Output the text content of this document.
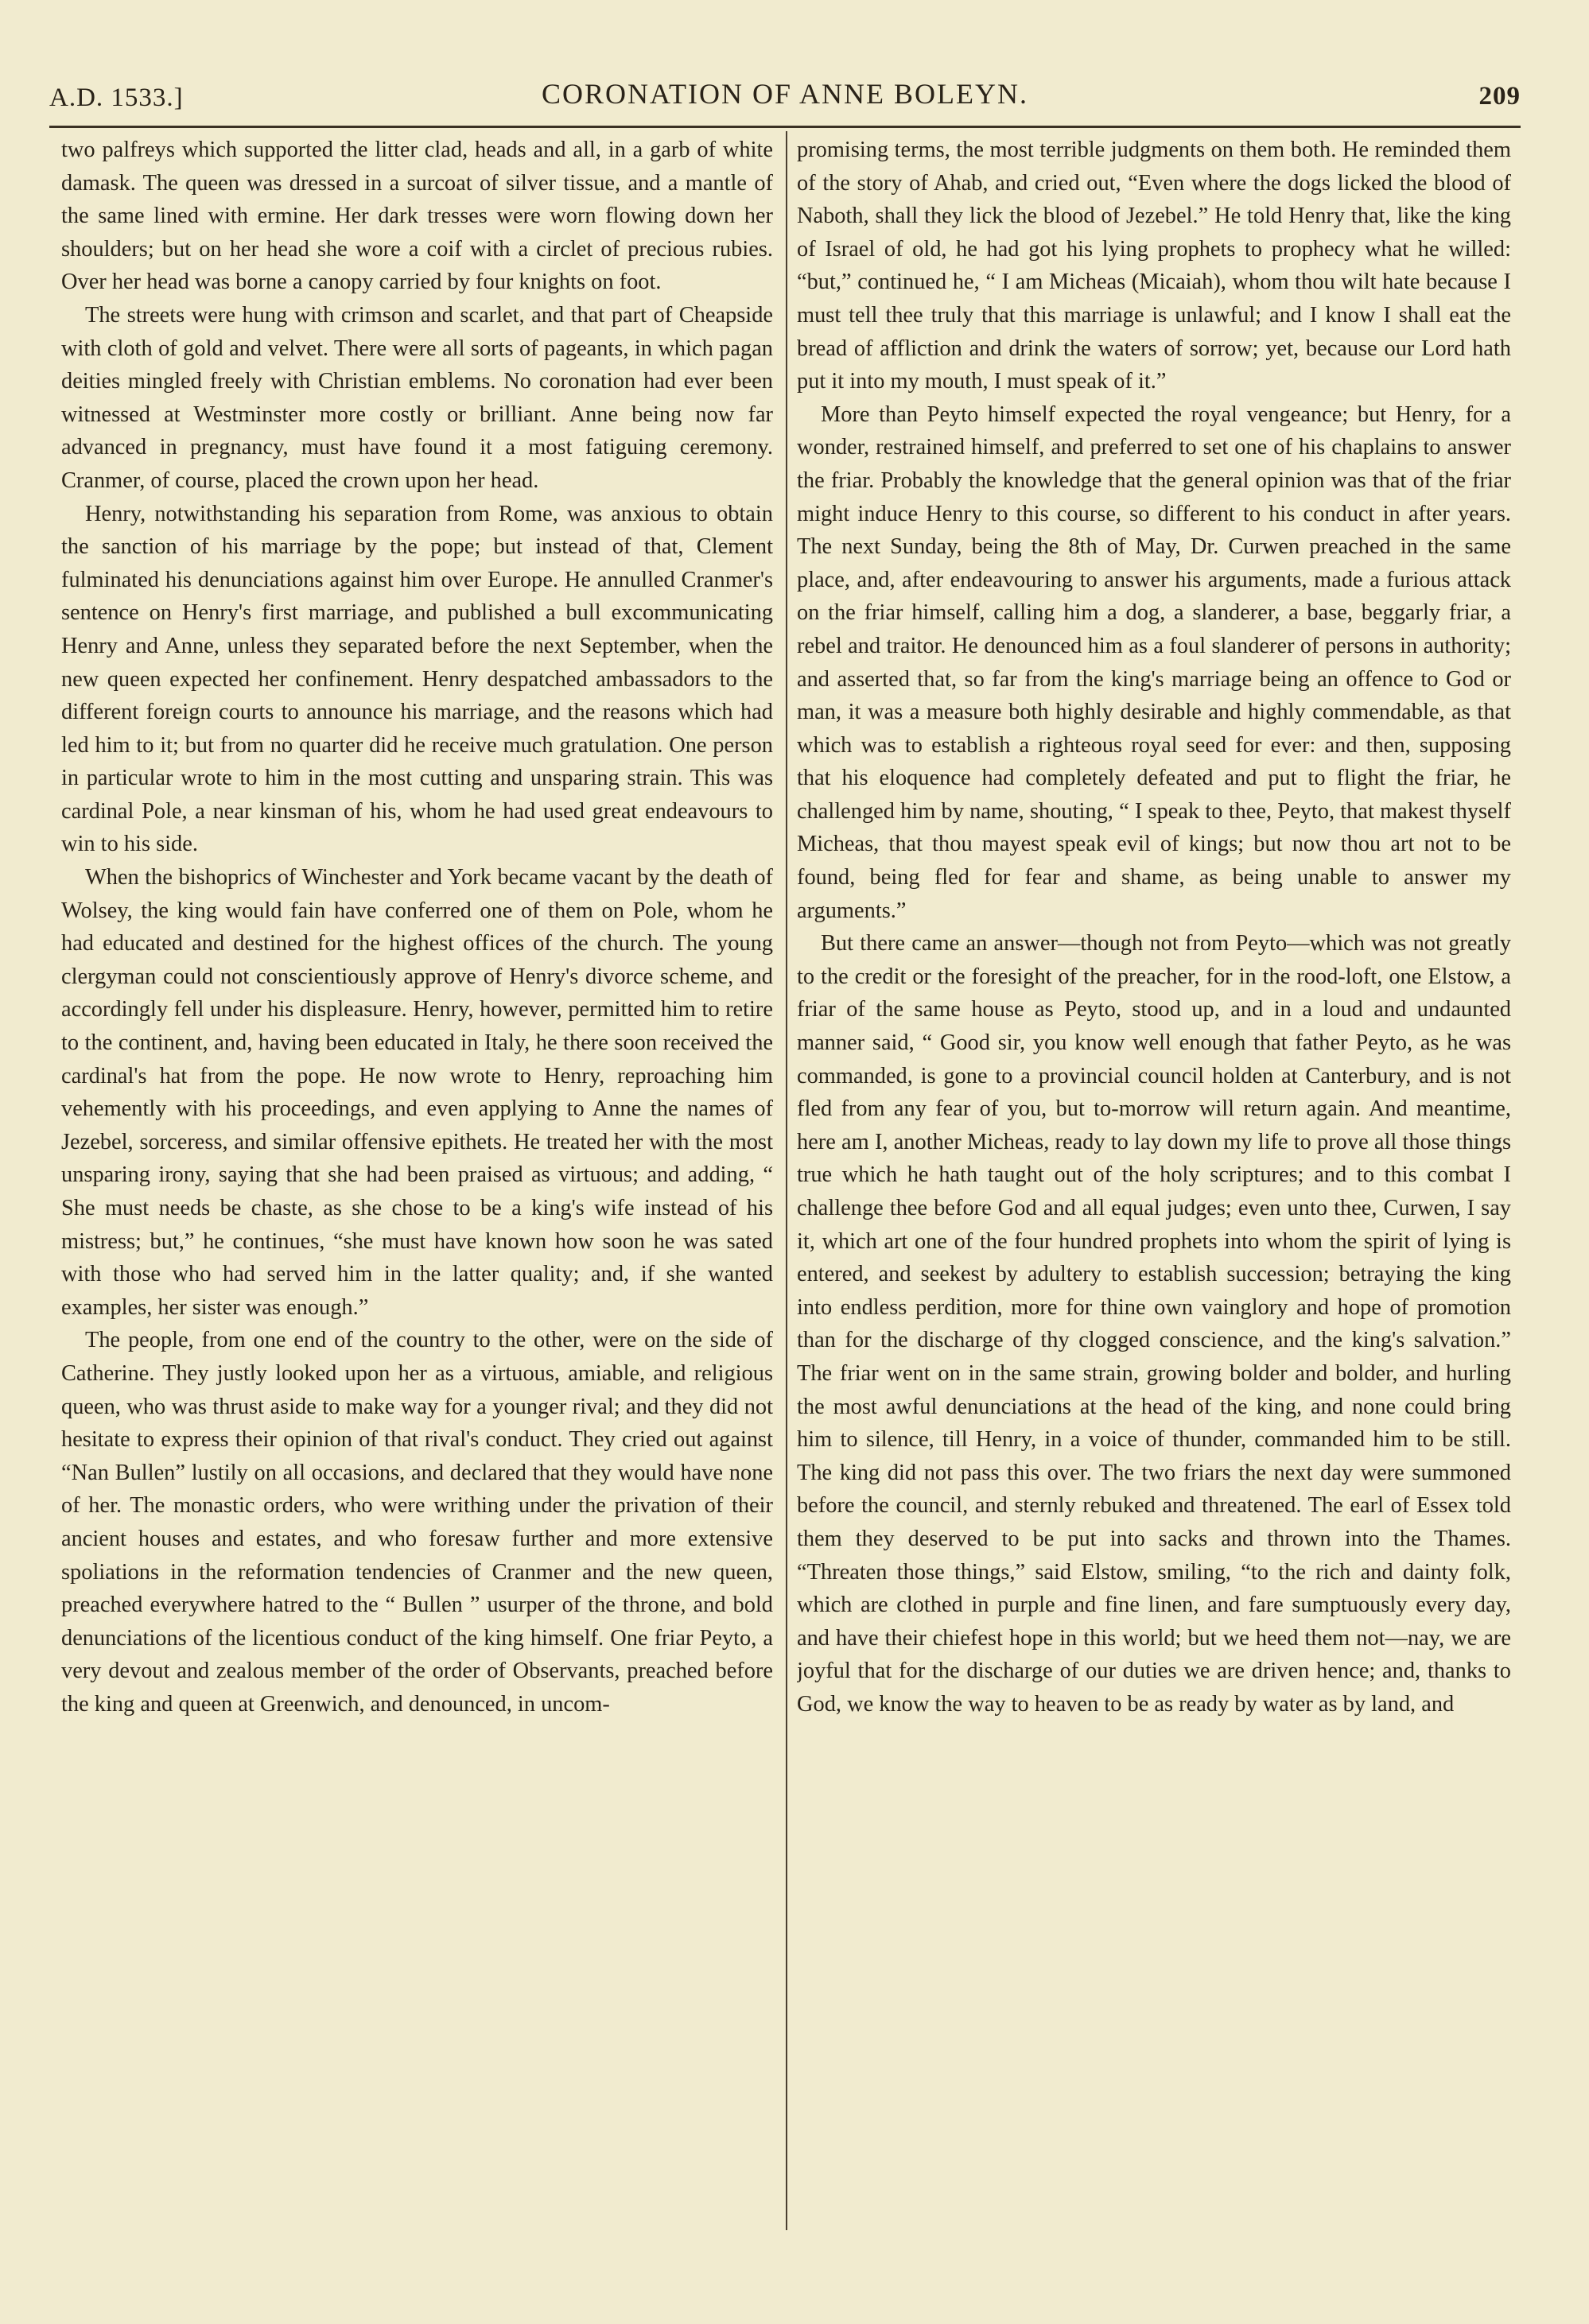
A.D. 1533.]	CORONATION OF ANNE BOLEYN.	209

two palfreys which supported the litter clad, heads and all, in a garb of white damask. The queen was dressed in a surcoat of silver tissue, and a mantle of the same lined with ermine. Her dark tresses were worn flowing down her shoulders; but on her head she wore a coif with a circlet of precious rubies. Over her head was borne a canopy carried by four knights on foot.

The streets were hung with crimson and scarlet, and that part of Cheapside with cloth of gold and velvet. There were all sorts of pageants, in which pagan deities mingled freely with Christian emblems. No coronation had ever been witnessed at Westminster more costly or brilliant. Anne being now far advanced in pregnancy, must have found it a most fatiguing ceremony. Cranmer, of course, placed the crown upon her head.

Henry, notwithstanding his separation from Rome, was anxious to obtain the sanction of his marriage by the pope; but instead of that, Clement fulminated his denunciations against him over Europe. He annulled Cranmer's sentence on Henry's first marriage, and published a bull excommunicating Henry and Anne, unless they separated before the next September, when the new queen expected her confinement. Henry despatched ambassadors to the different foreign courts to announce his marriage, and the reasons which had led him to it; but from no quarter did he receive much gratulation. One person in particular wrote to him in the most cutting and unsparing strain. This was cardinal Pole, a near kinsman of his, whom he had used great endeavours to win to his side.

When the bishoprics of Winchester and York became vacant by the death of Wolsey, the king would fain have conferred one of them on Pole, whom he had educated and destined for the highest offices of the church. The young clergyman could not conscientiously approve of Henry's divorce scheme, and accordingly fell under his displeasure. Henry, however, permitted him to retire to the continent, and, having been educated in Italy, he there soon received the cardinal's hat from the pope. He now wrote to Henry, reproaching him vehemently with his proceedings, and even applying to Anne the names of Jezebel, sorceress, and similar offensive epithets. He treated her with the most unsparing irony, saying that she had been praised as virtuous; and adding, “ She must needs be chaste, as she chose to be a king's wife instead of his mistress; but,” he continues, “she must have known how soon he was sated with those who had served him in the latter quality; and, if she wanted examples, her sister was enough.”

The people, from one end of the country to the other, were on the side of Catherine. They justly looked upon her as a virtuous, amiable, and religious queen, who was thrust aside to make way for a younger rival; and they did not hesitate to express their opinion of that rival's conduct. They cried out against “Nan Bullen” lustily on all occasions, and declared that they would have none of her. The monastic orders, who were writhing under the privation of their ancient houses and estates, and who foresaw further and more extensive spoliations in the reformation tendencies of Cranmer and the new queen, preached everywhere hatred to the “ Bullen ” usurper of the throne, and bold denunciations of the licentious conduct of the king himself. One friar Peyto, a very devout and zealous member of the order of Observants, preached before the king and queen at Greenwich, and denounced, in uncom-

promising terms, the most terrible judgments on them both. He reminded them of the story of Ahab, and cried out, “Even where the dogs licked the blood of Naboth, shall they lick the blood of Jezebel.” He told Henry that, like the king of Israel of old, he had got his lying prophets to prophecy what he willed: “but,” continued he, “ I am Micheas (Micaiah), whom thou wilt hate because I must tell thee truly that this marriage is unlawful; and I know I shall eat the bread of affliction and drink the waters of sorrow; yet, because our Lord hath put it into my mouth, I must speak of it.”

More than Peyto himself expected the royal vengeance; but Henry, for a wonder, restrained himself, and preferred to set one of his chaplains to answer the friar. Probably the knowledge that the general opinion was that of the friar might induce Henry to this course, so different to his conduct in after years. The next Sunday, being the 8th of May, Dr. Curwen preached in the same place, and, after endeavouring to answer his arguments, made a furious attack on the friar himself, calling him a dog, a slanderer, a base, beggarly friar, a rebel and traitor. He denounced him as a foul slanderer of persons in authority; and asserted that, so far from the king's marriage being an offence to God or man, it was a measure both highly desirable and highly commendable, as that which was to establish a righteous royal seed for ever: and then, supposing that his eloquence had completely defeated and put to flight the friar, he challenged him by name, shouting, “ I speak to thee, Peyto, that makest thyself Micheas, that thou mayest speak evil of kings; but now thou art not to be found, being fled for fear and shame, as being unable to answer my arguments.”

But there came an answer—though not from Peyto—which was not greatly to the credit or the foresight of the preacher, for in the rood-loft, one Elstow, a friar of the same house as Peyto, stood up, and in a loud and undaunted manner said, “ Good sir, you know well enough that father Peyto, as he was commanded, is gone to a provincial council holden at Canterbury, and is not fled from any fear of you, but to-morrow will return again. And meantime, here am I, another Micheas, ready to lay down my life to prove all those things true which he hath taught out of the holy scriptures; and to this combat I challenge thee before God and all equal judges; even unto thee, Curwen, I say it, which art one of the four hundred prophets into whom the spirit of lying is entered, and seekest by adultery to establish succession; betraying the king into endless perdition, more for thine own vainglory and hope of promotion than for the discharge of thy clogged conscience, and the king's salvation.” The friar went on in the same strain, growing bolder and bolder, and hurling the most awful denunciations at the head of the king, and none could bring him to silence, till Henry, in a voice of thunder, commanded him to be still. The king did not pass this over. The two friars the next day were summoned before the council, and sternly rebuked and threatened. The earl of Essex told them they deserved to be put into sacks and thrown into the Thames. “Threaten those things,” said Elstow, smiling, “to the rich and dainty folk, which are clothed in purple and fine linen, and fare sumptuously every day, and have their chiefest hope in this world; but we heed them not—nay, we are joyful that for the discharge of our duties we are driven hence; and, thanks to God, we know the way to heaven to be as ready by water as by land, and
